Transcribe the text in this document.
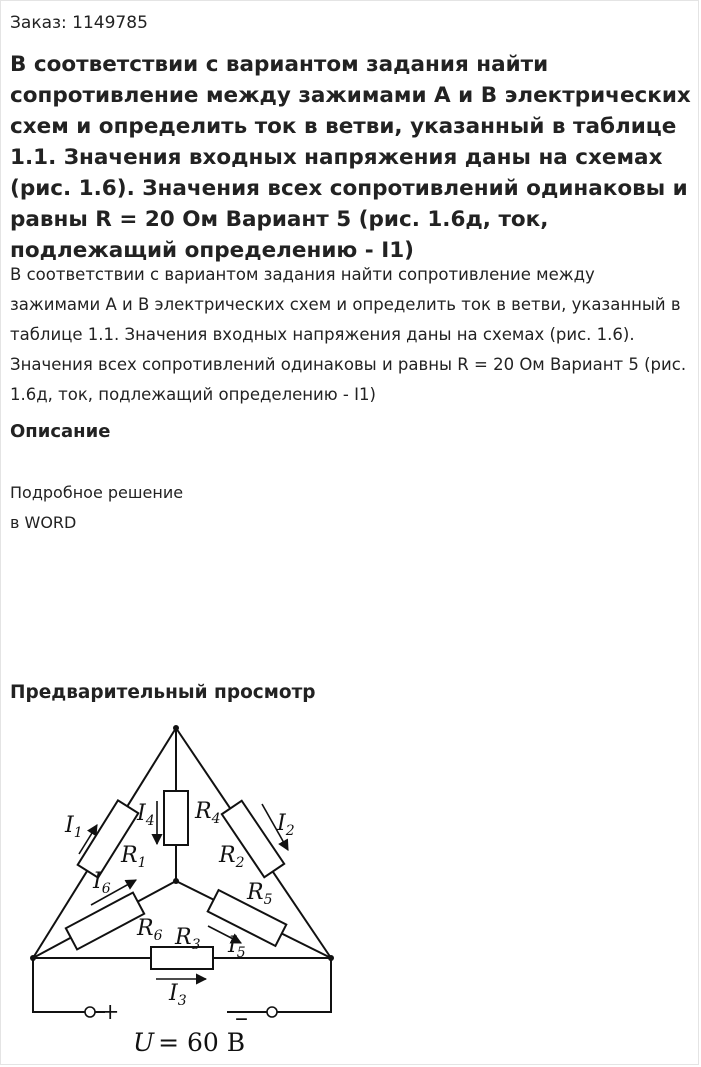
Заказ: 1149785

В соответствии с вариантом задания найти сопротивление между зажимами A и B электрических схем и определить ток в ветви, указанный в таблице 1.1. Значения входных напряжения даны на схемах (рис. 1.6). Значения всех сопротивлений одинаковы и равны R = 20 Ом Вариант 5 (рис. 1.6д, ток, подлежащий определению - I1)

В соответствии с вариантом задания найти сопротивление между зажимами A и B электрических схем и определить ток в ветви, указанный в таблице 1.1. Значения входных напряжения даны на схемах (рис. 1.6). Значения всех сопротивлений одинаковы и равны R = 20 Ом Вариант 5 (рис. 1.6д, ток, подлежащий определению - I1)

Описание

Подробное решение

в WORD

Предварительный просмотр
$I_1$	$I_2$
$I_4$
$I_6$
$I_5$
$I_3$
$R_1$	$R_2$
$R_4$
$R_6$
$R_5$
$R_3$
+	–
U = 60 В
